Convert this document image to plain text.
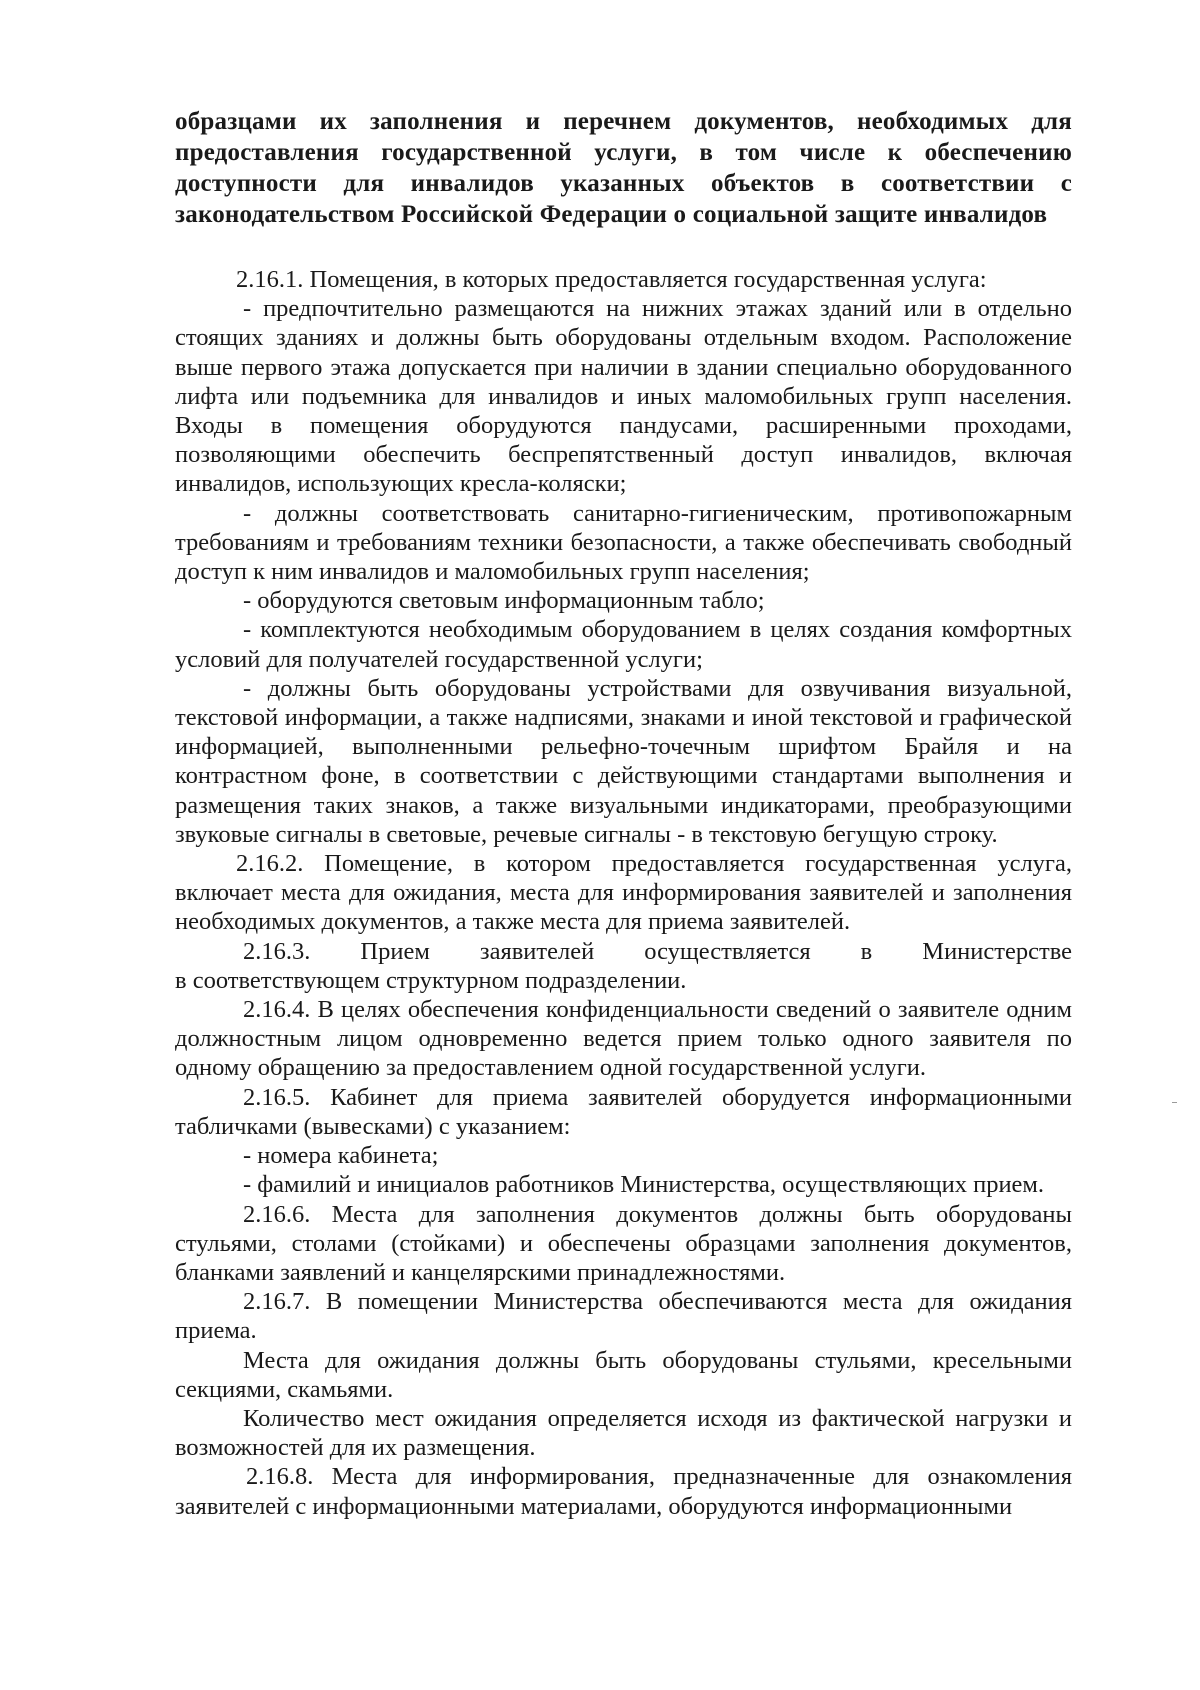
образцами их заполнения и перечнем документов, необходимых для предоставления государственной услуги, в том числе к обеспечению доступности для инвалидов указанных объектов в соответствии с законодательством Российской Федерации о социальной защите инвалидов

2.16.1. Помещения, в которых предоставляется государственная услуга:

- предпочтительно размещаются на нижних этажах зданий или в отдельно стоящих зданиях и должны быть оборудованы отдельным входом. Расположение выше первого этажа допускается при наличии в здании специально оборудованного лифта или подъемника для инвалидов и иных маломобильных групп населения. Входы в помещения оборудуются пандусами, расширенными проходами, позволяющими обеспечить беспрепятственный доступ инвалидов, включая инвалидов, использующих кресла-коляски;

- должны соответствовать санитарно-гигиеническим, противопожарным требованиям и требованиям техники безопасности, а также обеспечивать свободный доступ к ним инвалидов и маломобильных групп населения;

- оборудуются световым информационным табло;

- комплектуются необходимым оборудованием в целях создания комфортных условий для получателей государственной услуги;

- должны быть оборудованы устройствами для озвучивания визуальной, текстовой информации, а также надписями, знаками и иной текстовой и графической информацией, выполненными рельефно-точечным шрифтом Брайля и на контрастном фоне, в соответствии с действующими стандартами выполнения и размещения таких знаков, а также визуальными индикаторами, преобразующими звуковые сигналы в световые, речевые сигналы - в текстовую бегущую строку.

2.16.2. Помещение, в котором предоставляется государственная услуга, включает места для ожидания, места для информирования заявителей и заполнения необходимых документов, а также места для приема заявителей.

2.16.3. Прием заявителей осуществляется в Министерстве

в соответствующем структурном подразделении.

2.16.4. В целях обеспечения конфиденциальности сведений о заявителе одним должностным лицом одновременно ведется прием только одного заявителя по одному обращению за предоставлением одной государственной услуги.

2.16.5. Кабинет для приема заявителей оборудуется информационными табличками (вывесками) с указанием:

- номера кабинета;

- фамилий и инициалов работников Министерства, осуществляющих прием.

2.16.6. Места для заполнения документов должны быть оборудованы стульями, столами (стойками) и обеспечены образцами заполнения документов, бланками заявлений и канцелярскими принадлежностями.

2.16.7. В помещении Министерства обеспечиваются места для ожидания приема.

Места для ожидания должны быть оборудованы стульями, кресельными секциями, скамьями.

Количество мест ожидания определяется исходя из фактической нагрузки и возможностей для их размещения.

2.16.8. Места для информирования, предназначенные для ознакомления заявителей с информационными материалами, оборудуются информационными
